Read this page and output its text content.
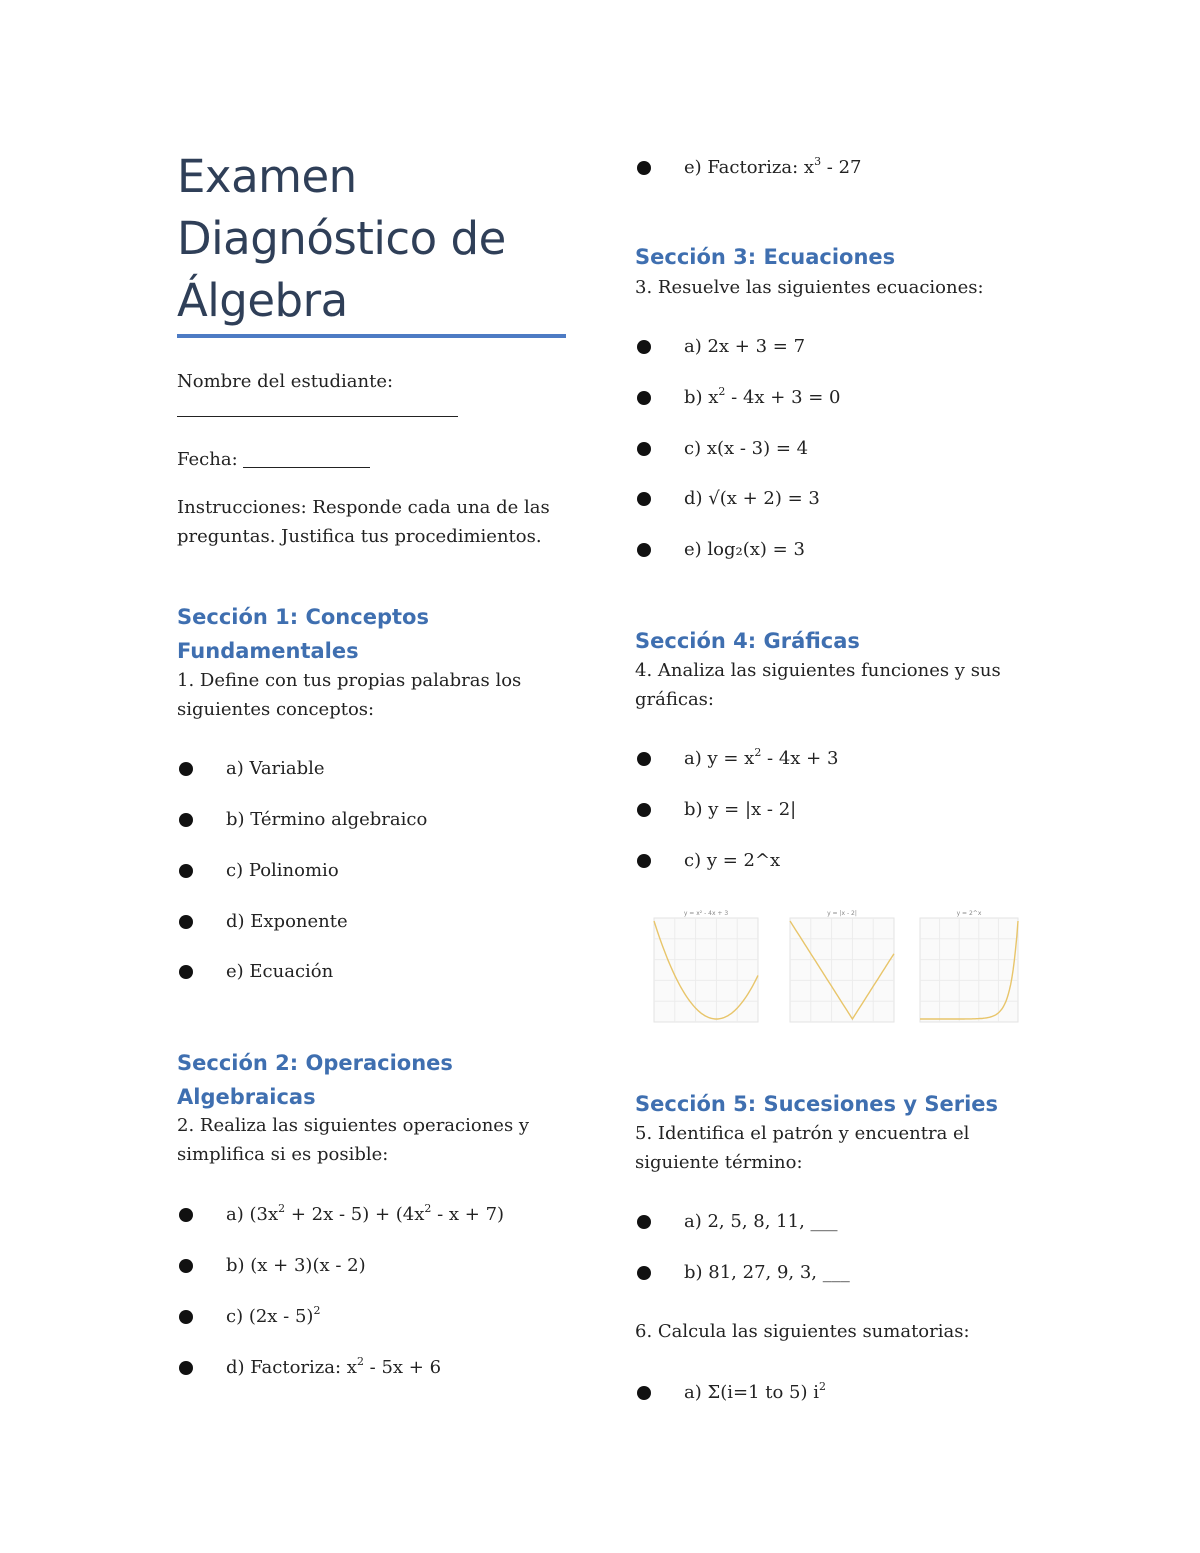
Examen Diagnóstico de Álgebra

Nombre del estudiante:

Fecha:

Instrucciones: Responde cada una de las preguntas. Justifica tus procedimientos.

Sección 1: Conceptos Fundamentales

1. Define con tus propias palabras los siguientes conceptos:

a) Variable
b) Término algebraico
c) Polinomio
d) Exponente
e) Ecuación
Sección 2: Operaciones Algebraicas

2. Realiza las siguientes operaciones y simplifica si es posible:

a) $(3x^2 + 2x - 5) + (4x^2 - x + 7)$
b) (x + 3)(x - 2)
c) (2x - 5)$^2$
d) Factoriza: $x^2 - 5x + 6$
e) Factoriza: $x^3 - 27$
Sección 3: Ecuaciones

3. Resuelve las siguientes ecuaciones:

a) 2x + 3 = 7
b) $x^2 - 4x + 3 = 0$
c) x(x - 3) = 4
d) √(x + 2) = 3
e) log₂(x) = 3
Sección 4: Gráficas

4. Analiza las siguientes funciones y sus gráficas:

a) $y = x^2 - 4x + 3$
b) y = |x - 2|
c) y = 2^x
y = x² - 4x + 3	y = |x - 2|	y = 2^x
Sección 5: Sucesiones y Series

5. Identifica el patrón y encuentra el siguiente término:

a) 2, 5, 8, 11, ___
b) 81, 27, 9, 3, ___

6. Calcula las siguientes sumatorias:

a) Σ(i=1 to 5) $i^2$
